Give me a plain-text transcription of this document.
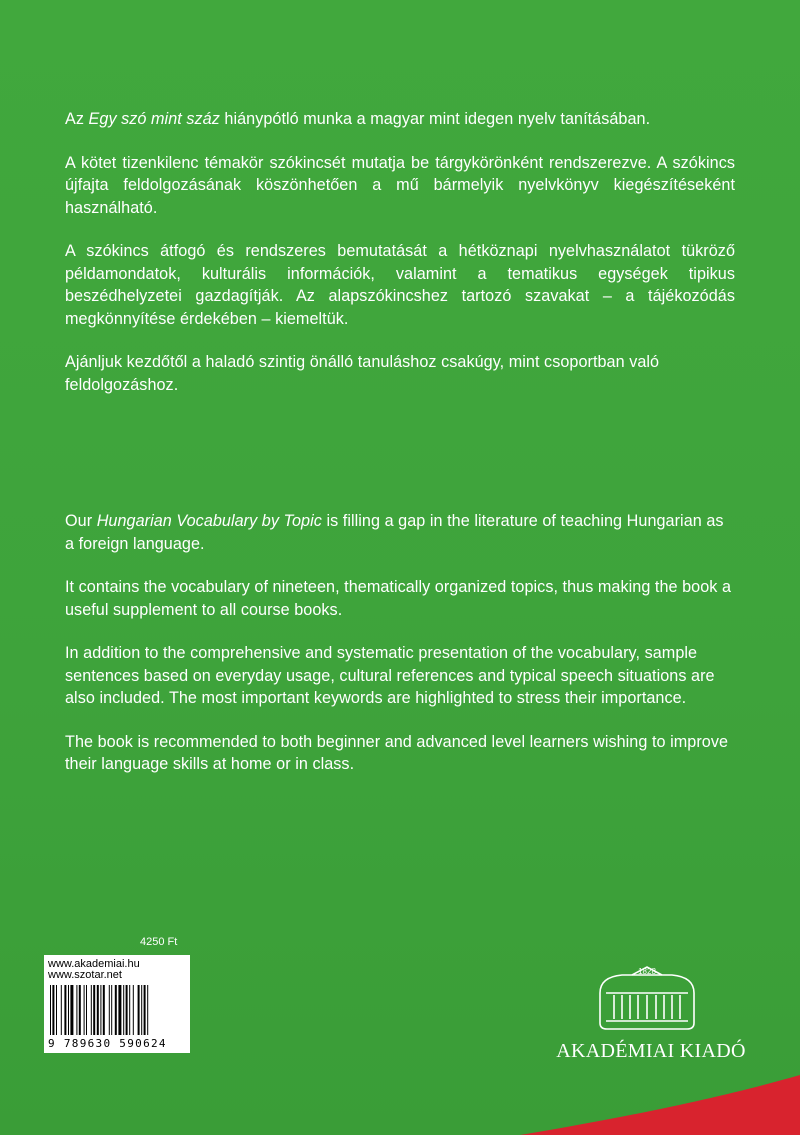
Az Egy szó mint száz hiánypótló munka a magyar mint idegen nyelv tanításában.

A kötet tizenkilenc témakör szókincsét mutatja be tárgykörönként rendszerezve. A szókincs újfajta feldolgozásának köszönhetően a mű bármelyik nyelvkönyv kiegészítéseként használható.

A szókincs átfogó és rendszeres bemutatását a hétköznapi nyelvhasználatot tükröző példamondatok, kulturális információk, valamint a tematikus egységek tipikus beszédhelyzetei gazdagítják. Az alapszókincshez tartozó szavakat – a tájékozódás megkönnyítése érdekében – kiemeltük.

Ajánljuk kezdőtől a haladó szintig önálló tanuláshoz csakúgy, mint csoportban való feldolgozáshoz.

Our Hungarian Vocabulary by Topic is filling a gap in the literature of teaching Hungarian as a foreign language.

It contains the vocabulary of nineteen, thematically organized topics, thus making the book a useful supplement to all course books.

In addition to the comprehensive and systematic presentation of the vocabulary, sample sentences based on everyday usage, cultural references and typical speech situations are also included. The most important keywords are highlighted to stress their importance.

The book is recommended to both beginner and advanced level learners wishing to improve their language skills at home or in class.

4250 Ft
www.akademiai.hu
www.szotar.net
9 789630 590624
1828
AKADÉMIAI KIADÓ
